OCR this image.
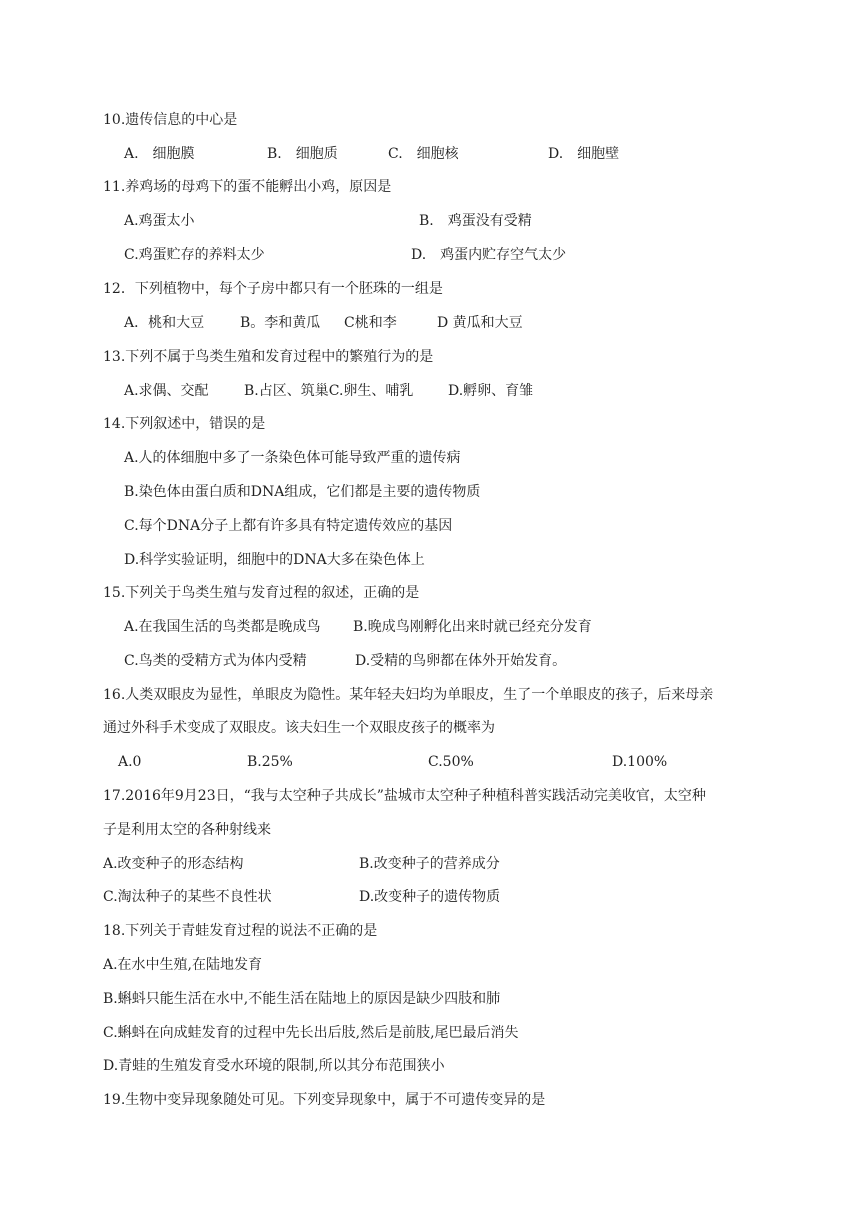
10.遗传信息的中心是
A.　细胞膜	B.　细胞质	C.　细胞核	D.　细胞壁
11.养鸡场的母鸡下的蛋不能孵出小鸡，原因是
A.鸡蛋太小	B.　鸡蛋没有受精
C.鸡蛋贮存的养料太少	D.　鸡蛋内贮存空气太少
12．下列植物中，每个子房中都只有一个胚珠的一组是
A．桃和大豆	B。李和黄瓜 C桃和李	D 黄瓜和大豆
13.下列不属于鸟类生殖和发育过程中的繁殖行为的是
A.求偶、交配	B.占区、筑巢C.卵生、哺乳 D.孵卵、育雏
14.下列叙述中，错误的是
A.人的体细胞中多了一条染色体可能导致严重的遗传病
B.染色体由蛋白质和DNA组成，它们都是主要的遗传物质
C.每个DNA分子上都有许多具有特定遗传效应的基因
D.科学实验证明，细胞中的DNA大多在染色体上
15.下列关于鸟类生殖与发育过程的叙述，正确的是
A.在我国生活的鸟类都是晚成鸟 B.晚成鸟刚孵化出来时就已经充分发育
C.鸟类的受精方式为体内受精	D.受精的鸟卵都在体外开始发育。
16.人类双眼皮为显性，单眼皮为隐性。某年轻夫妇均为单眼皮，生了一个单眼皮的孩子，后来母亲
通过外科手术变成了双眼皮。该夫妇生一个双眼皮孩子的概率为
A.0	B.25%	C.50%	D.100%
17.2016年9月23日，“我与太空种子共成长”盐城市太空种子种植科普实践活动完美收官，太空种
子是利用太空的各种射线来
A.改变种子的形态结构	B.改变种子的营养成分
C.淘汰种子的某些不良性状	D.改变种子的遗传物质
18.下列关于青蛙发育过程的说法不正确的是
A.在水中生殖,在陆地发育
B.蝌蚪只能生活在水中,不能生活在陆地上的原因是缺少四肢和肺
C.蝌蚪在向成蛙发育的过程中先长出后肢,然后是前肢,尾巴最后消失
D.青蛙的生殖发育受水环境的限制,所以其分布范围狭小
19.生物中变异现象随处可见。下列变异现象中，属于不可遗传变异的是
